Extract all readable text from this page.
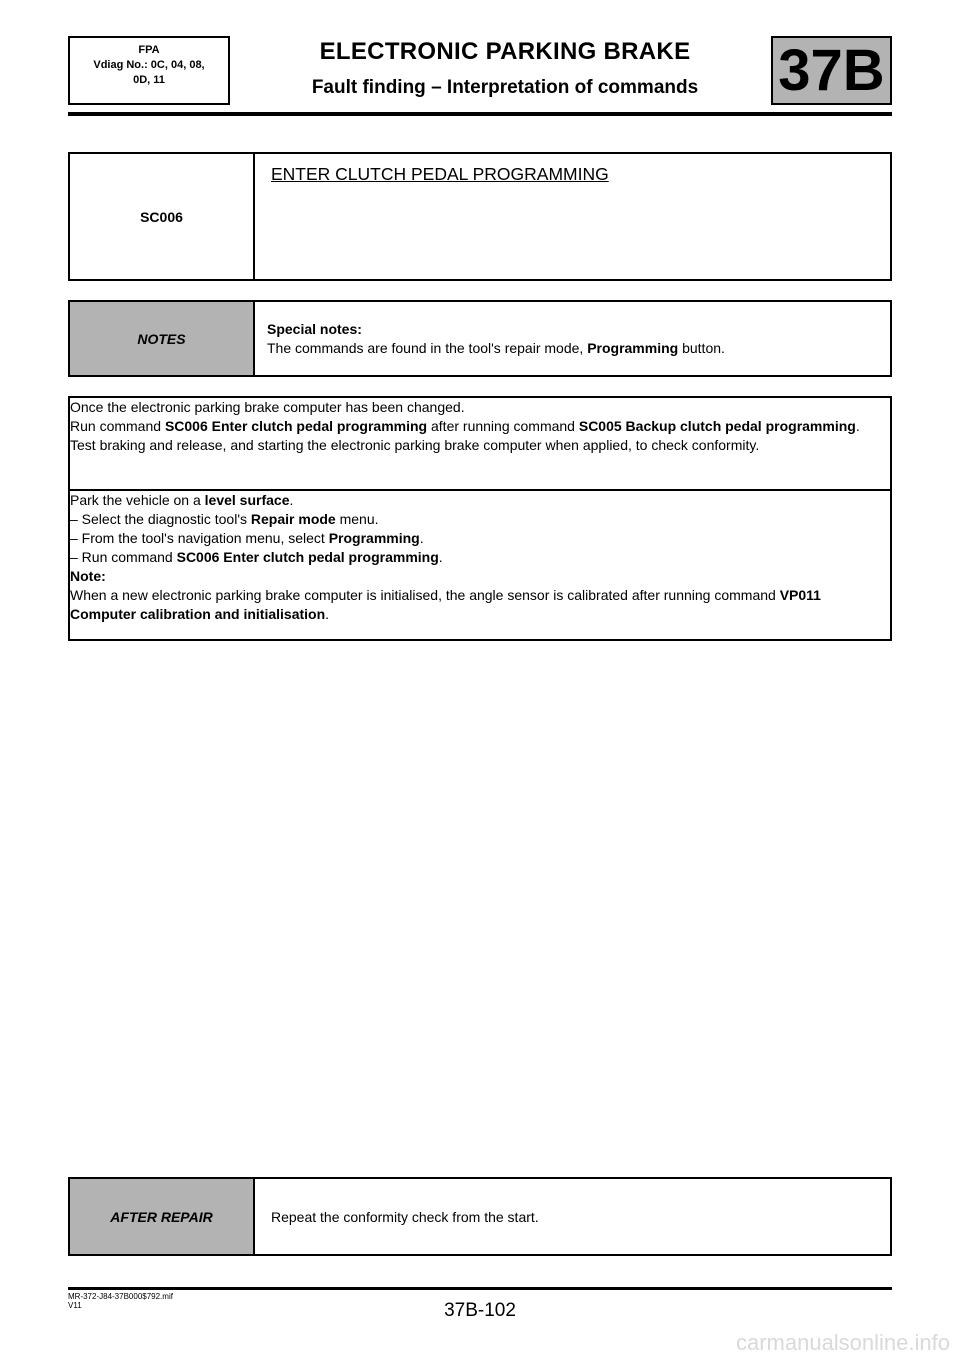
FPA
Vdiag No.: 0C, 04, 08,
0D, 11
ELECTRONIC PARKING BRAKE
Fault finding – Interpretation of commands	37B
SC006	ENTER CLUTCH PEDAL PROGRAMMING
NOTES	Special notes:
The commands are found in the tool's repair mode, Programming button.
Once the electronic parking brake computer has been changed.
Run command SC006 Enter clutch pedal programming after running command SC005 Backup clutch pedal programming.
Test braking and release, and starting the electronic parking brake computer when applied, to check conformity.

Park the vehicle on a level surface.
– Select the diagnostic tool's Repair mode menu.
– From the tool's navigation menu, select Programming.
– Run command SC006 Enter clutch pedal programming.
Note:
When a new electronic parking brake computer is initialised, the angle sensor is calibrated after running command VP011 Computer calibration and initialisation.
AFTER REPAIR	Repeat the conformity check from the start.
MR-372-J84-37B000$792.mif
V11	37B-102
carmanualsonline.info
